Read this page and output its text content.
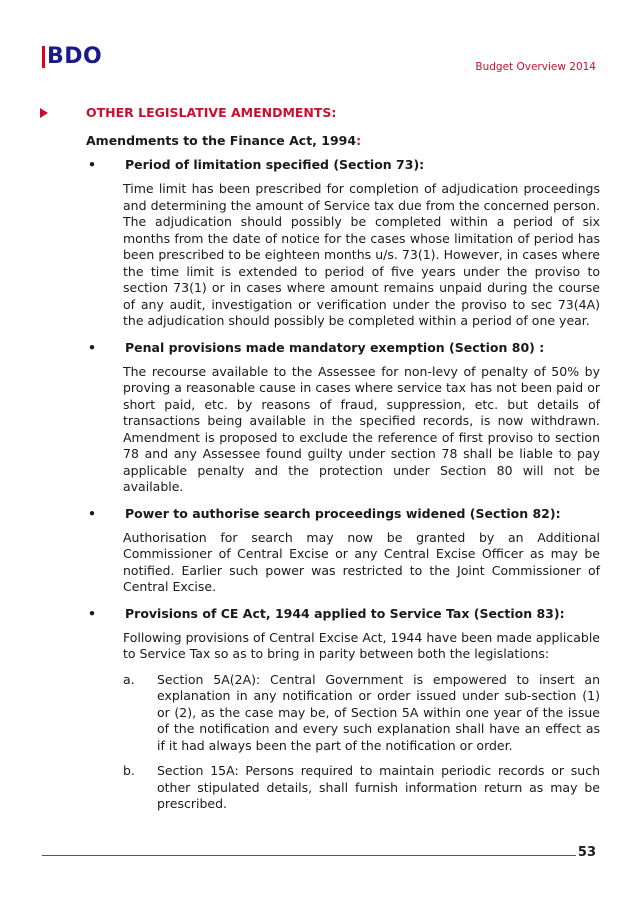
BDO	Budget Overview 2014
OTHER LEGISLATIVE AMENDMENTS:
Amendments to the Finance Act, 1994:
•	Period of limitation specified (Section 73):
Time limit has been prescribed for completion of adjudication proceedings and determining the amount of Service tax due from the concerned person. The adjudication should possibly be completed within a period of six months from the date of notice for the cases whose limitation of period has been prescribed to be eighteen months u/s. 73(1). However, in cases where the time limit is extended to period of five years under the proviso to section 73(1) or in cases where amount remains unpaid during the course of any audit, investigation or verification under the proviso to sec 73(4A) the adjudication should possibly be completed within a period of one year.
•	Penal provisions made mandatory exemption (Section 80) :
The recourse available to the Assessee for non-levy of penalty of 50% by proving a reasonable cause in cases where service tax has not been paid or short paid, etc. by reasons of fraud, suppression, etc. but details of transactions being available in the specified records, is now withdrawn. Amendment is proposed to exclude the reference of first proviso to section 78 and any Assessee found guilty under section 78 shall be liable to pay applicable penalty and the protection under Section 80 will not be available.
•	Power to authorise search proceedings widened (Section 82):
Authorisation for search may now be granted by an Additional Commissioner of Central Excise or any Central Excise Officer as may be notified. Earlier such power was restricted to the Joint Commissioner of Central Excise.
•	Provisions of CE Act, 1944 applied to Service Tax (Section 83):
Following provisions of Central Excise Act, 1944 have been made applicable to Service Tax so as to bring in parity between both the legislations:
a.	Section 5A(2A): Central Government is empowered to insert an explanation in any notification or order issued under sub-section (1) or (2), as the case may be, of Section 5A within one year of the issue of the notification and every such explanation shall have an effect as if it had always been the part of the notification or order.
b.	Section 15A: Persons required to maintain periodic records or such other stipulated details, shall furnish information return as may be prescribed.
53
